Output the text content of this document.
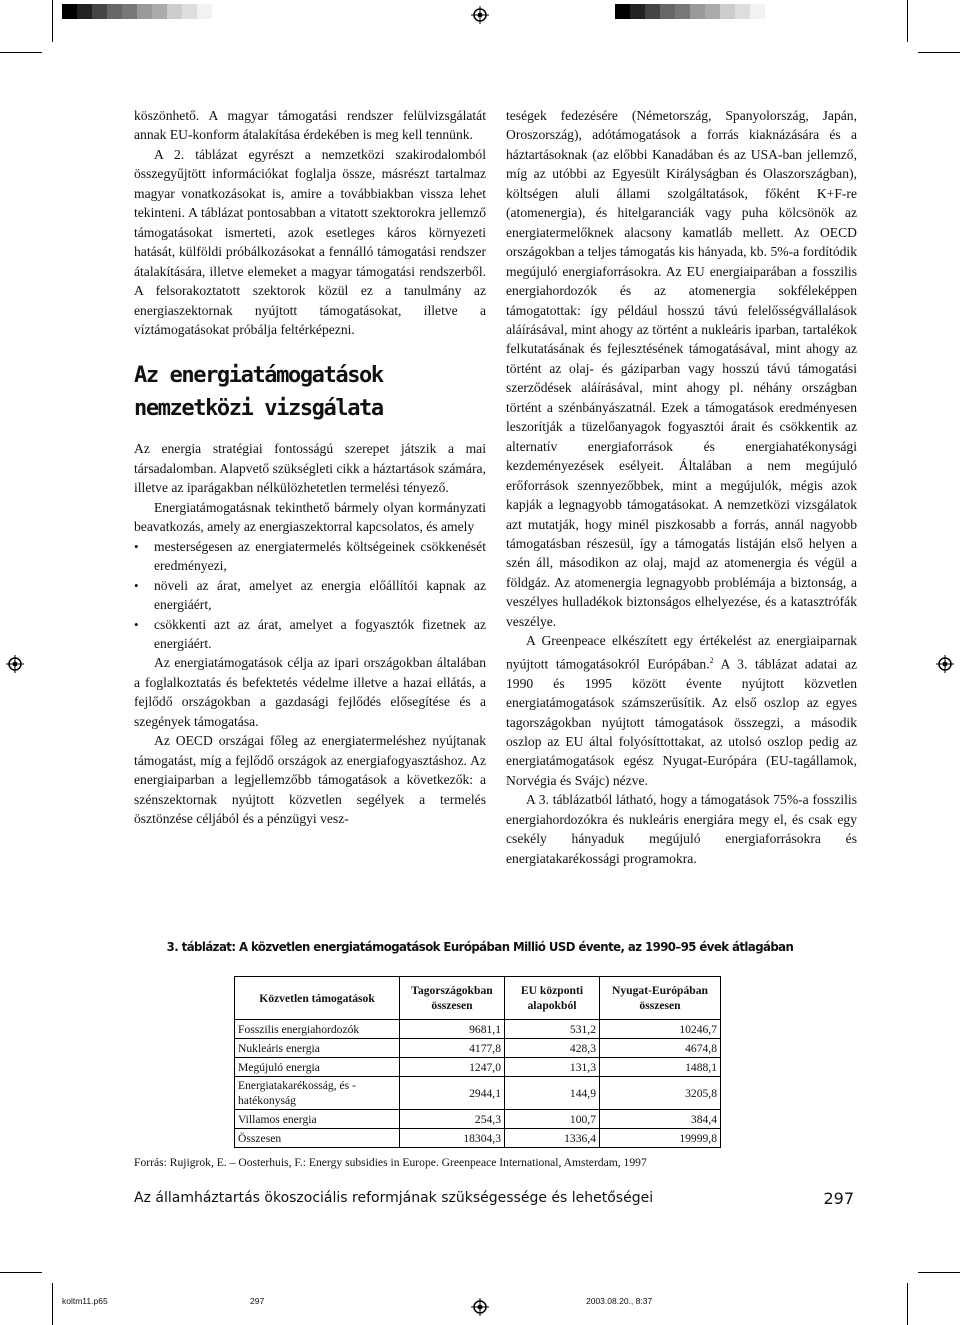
köszönhető. A magyar támogatási rendszer felülvizsgálatát annak EU-konform átalakítása érdekében is meg kell tennünk.

A 2. táblázat egyrészt a nemzetközi szakirodalomból összegyűjtött információkat foglalja össze, másrészt tartalmaz magyar vonatkozásokat is, amire a továbbiakban vissza lehet tekinteni. A táblázat pontosabban a vitatott szektorokra jellemző támogatásokat ismerteti, azok esetleges káros környezeti hatását, külföldi próbálkozásokat a fennálló támogatási rendszer átalakítására, illetve elemeket a magyar támogatási rendszerből. A felsorakoztatott szektorok közül ez a tanulmány az energiaszektornak nyújtott támogatásokat, illetve a víztámogatásokat próbálja feltérképezni.

Az energiatámogatások
nemzetközi vizsgálata

Az energia stratégiai fontosságú szerepet játszik a mai társadalomban. Alapvető szükségleti cikk a háztartások számára, illetve az iparágakban nélkülözhetetlen termelési tényező.

Energiatámogatásnak tekinthető bármely olyan kormányzati beavatkozás, amely az energiaszektorral kapcsolatos, és amely

• mesterségesen az energiatermelés költségeinek csökkenését eredményezi,
• növeli az árat, amelyet az energia előállítói kapnak az energiáért,
• csökkenti azt az árat, amelyet a fogyasztók fizetnek az energiáért.

Az energiatámogatások célja az ipari országokban általában a foglalkoztatás és befektetés védelme illetve a hazai ellátás, a fejlődő országokban a gazdasági fejlődés elősegítése és a szegények támogatása.

Az OECD országai főleg az energiatermeléshez nyújtanak támogatást, míg a fejlődő országok az energiafogyasztáshoz. Az energiaiparban a legjellemzőbb támogatások a következők: a szénszektornak nyújtott közvetlen segélyek a termelés ösztönzése céljából és a pénzügyi vesz-

teségek fedezésére (Németország, Spanyolország, Japán, Oroszország), adótámogatások a forrás kiaknázására és a háztartásoknak (az előbbi Kanadában és az USA-ban jellemző, míg az utóbbi az Egyesült Királyságban és Olaszországban), költségen aluli állami szolgáltatások, főként K+F-re (atomenergia), és hitelgaranciák vagy puha kölcsönök az energiatermelőknek alacsony kamatláb mellett. Az OECD országokban a teljes támogatás kis hányada, kb. 5%-a fordítódik megújuló energiaforrásokra. Az EU energiaiparában a fosszilis energiahordozók és az atomenergia sokféleképpen támogatottak: így például hosszú távú felelősségvállalások aláírásával, mint ahogy az történt a nukleáris iparban, tartalékok felkutatásának és fejlesztésének támogatásával, mint ahogy az történt az olaj- és gáziparban vagy hosszú távú támogatási szerződések aláírásával, mint ahogy pl. néhány országban történt a szénbányászatnál. Ezek a támogatások eredményesen leszorítják a tüzelőanyagok fogyasztói árait és csökkentik az alternatív energiaforrások és energiahatékonysági kezdeményezések esélyeit. Általában a nem megújuló erőforrások szennyezőbbek, mint a megújulók, mégis azok kapják a legnagyobb támogatásokat. A nemzetközi vizsgálatok azt mutatják, hogy minél piszkosabb a forrás, annál nagyobb támogatásban részesül, így a támogatás listáján első helyen a szén áll, másodikon az olaj, majd az atomenergia és végül a földgáz. Az atomenergia legnagyobb problémája a biztonság, a veszélyes hulladékok biztonságos elhelyezése, és a katasztrófák veszélye.

A Greenpeace elkészített egy értékelést az energiaiparnak nyújtott támogatásokról Európában.$^2$ A 3. táblázat adatai az 1990 és 1995 között évente nyújtott közvetlen energiatámogatások számszerűsítik. Az első oszlop az egyes tagországokban nyújtott támogatások összegzi, a második oszlop az EU által folyósíttottakat, az utolsó oszlop pedig az energiatámogatások egész Nyugat-Európára (EU-tagállamok, Norvégia és Svájc) nézve.

A 3. táblázatból látható, hogy a támogatások 75%-a fosszilis energiahordozókra és nukleáris energiára megy el, és csak egy csekély hányaduk megújuló energiaforrásokra és energiatakarékossági programokra.

3. táblázat: A közvetlen energiatámogatások Európában Millió USD évente, az 1990–95 évek átlagában
Közvetlen támogatások	Tagországokban összesen	EU központi alapokból	Nyugat-Európában összesen
Fosszilis energiahordozók	9681,1	531,2	10246,7
Nukleáris energia	4177,8	428,3	4674,8
Megújuló energia	1247,0	131,3	1488,1
Energiatakarékosság, és -hatékonyság	2944,1	144,9	3205,8
Villamos energia	254,3	100,7	384,4
Összesen	18304,3	1336,4	19999,8
Forrás: Rujigrok, E. – Oosterhuis, F.: Energy subsidies in Europe. Greenpeace International, Amsterdam, 1997
Az államháztartás ökoszociális reformjának szükségessége és lehetőségei	297
koltm11.p65	297	2003.08.20., 8:37
